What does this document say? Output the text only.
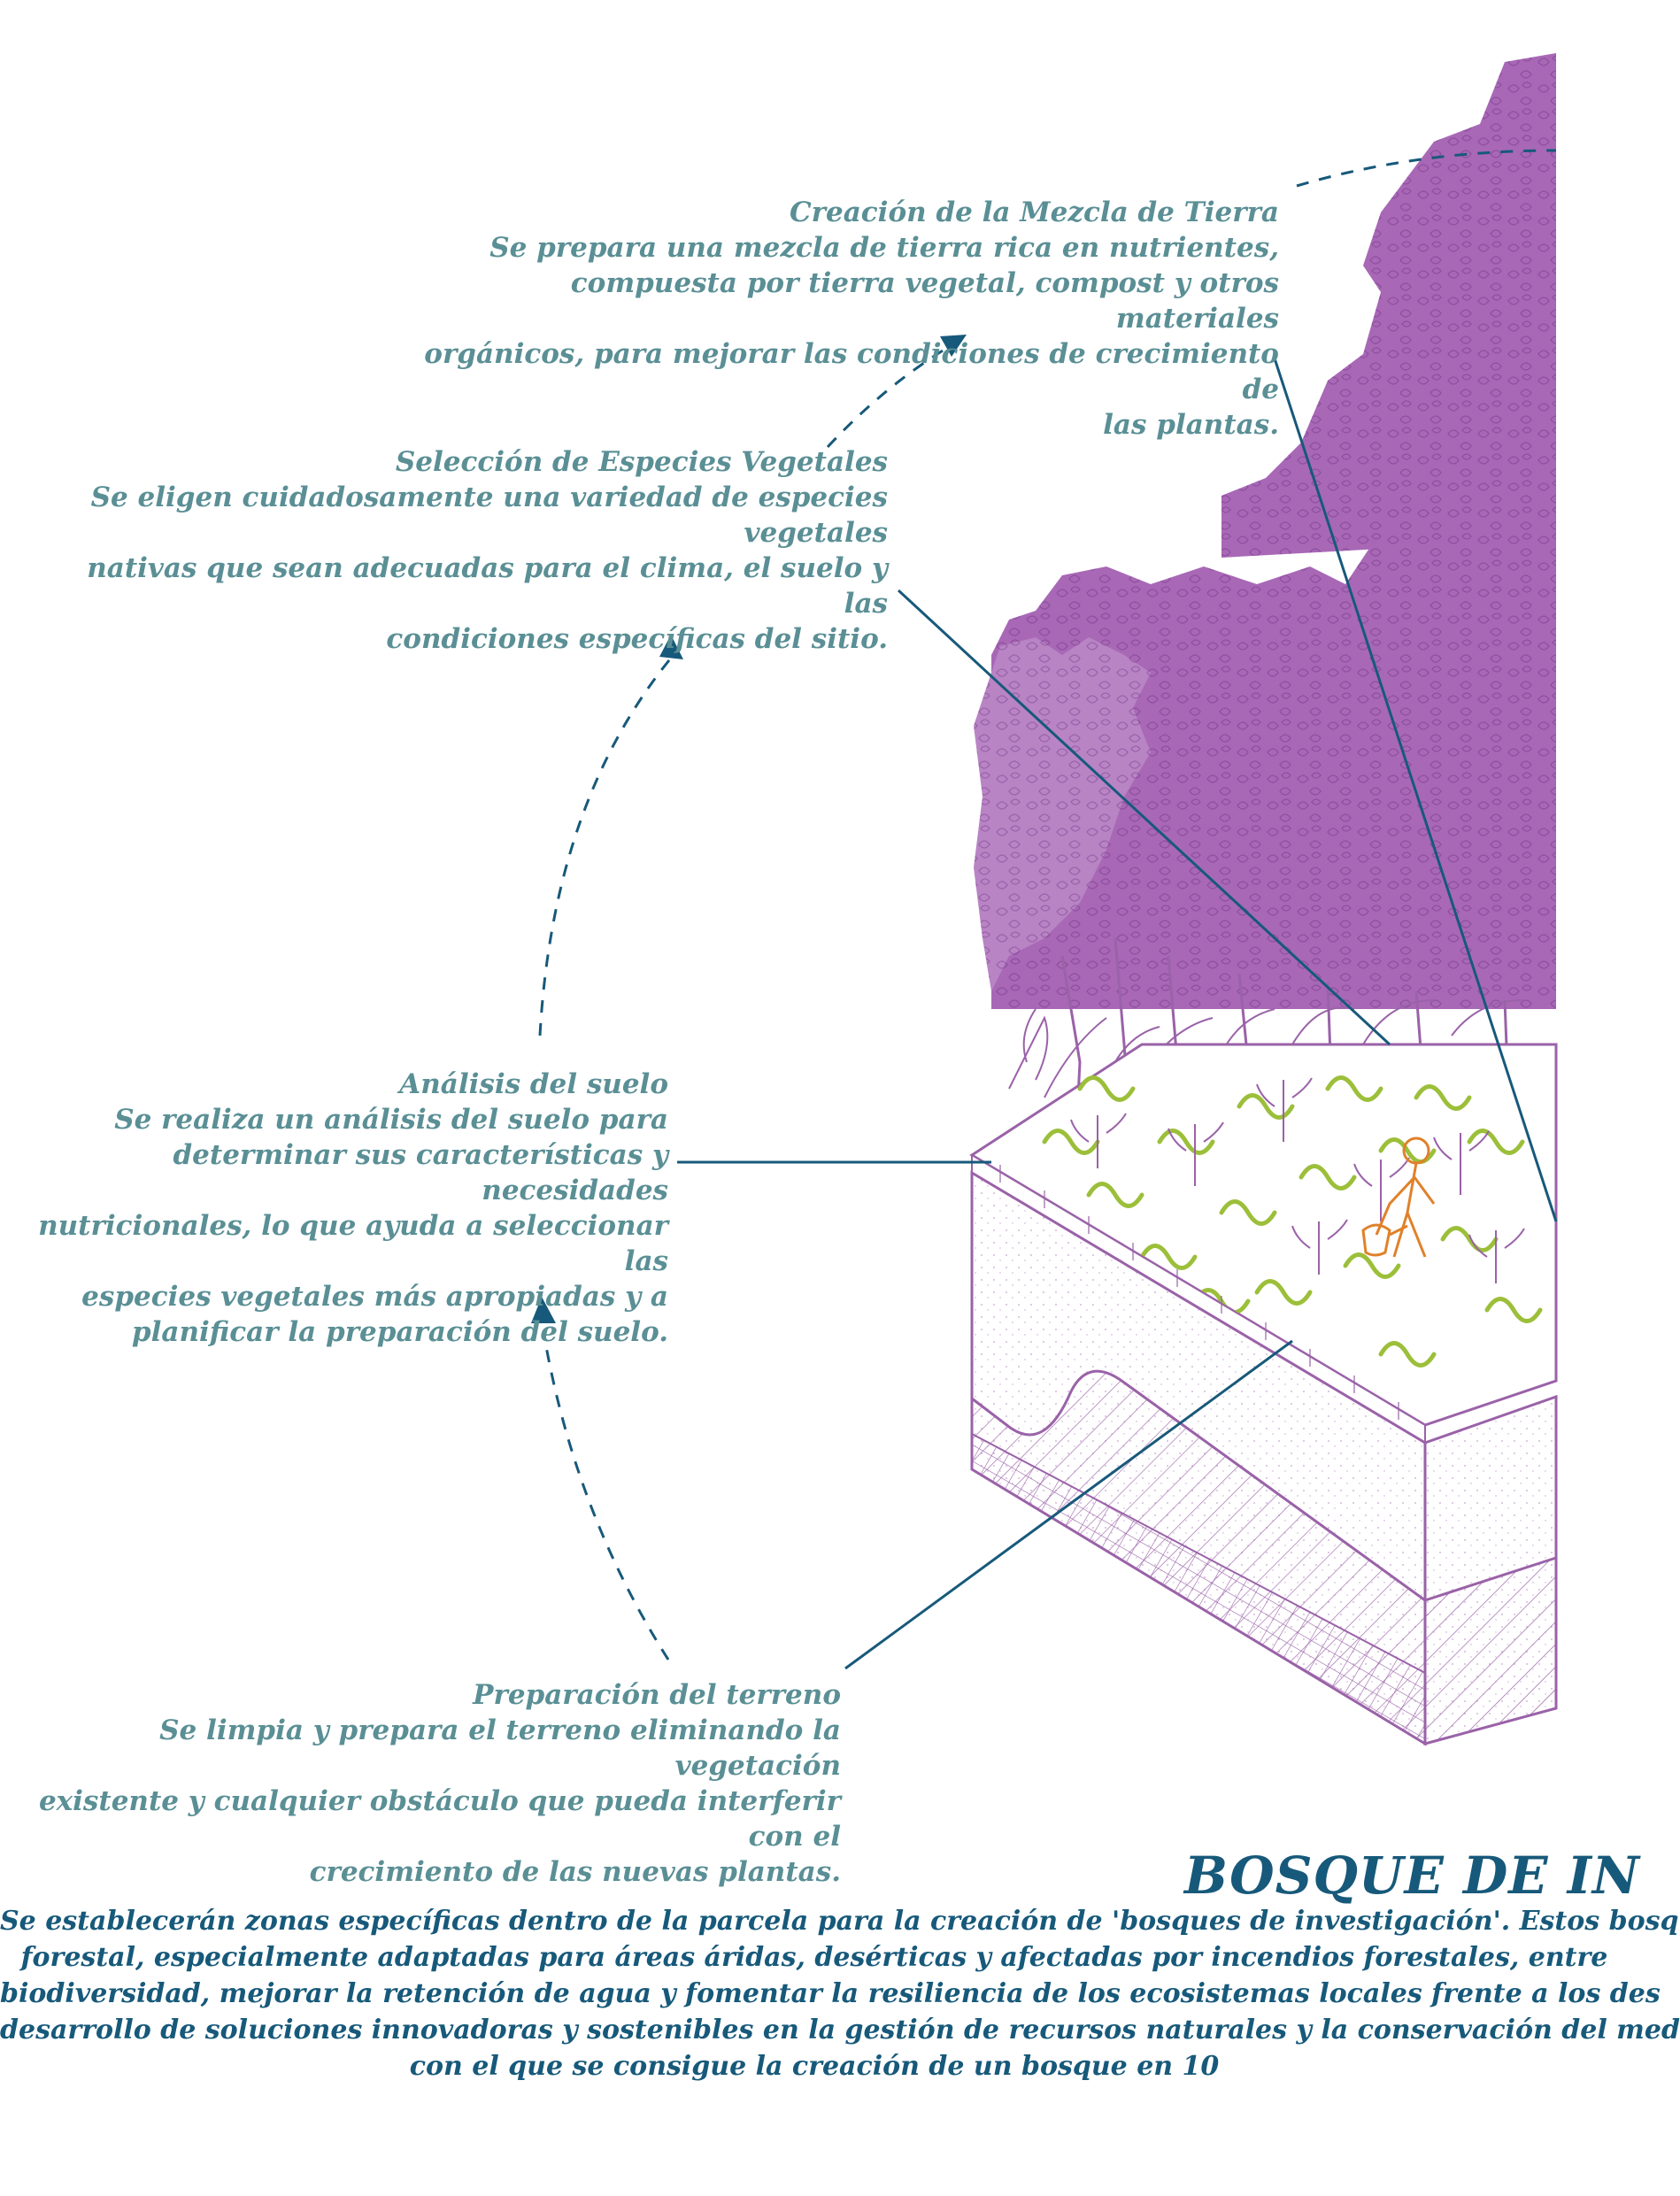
Creación de la Mezcla de Tierra
Se prepara una mezcla de tierra rica en nutrientes,
compuesta por tierra vegetal, compost y otros materiales
orgánicos, para mejorar las condiciones de crecimiento de
las plantas.
Selección de Especies Vegetales
Se eligen cuidadosamente una variedad de especies vegetales
nativas que sean adecuadas para el clima, el suelo y las
condiciones específicas del sitio.
Análisis del suelo
Se realiza un análisis del suelo para
determinar sus características y necesidades
nutricionales, lo que ayuda a seleccionar las
especies vegetales más apropiadas y a
planificar la preparación del suelo.
Preparación del terreno
Se limpia y prepara el terreno eliminando la vegetación
existente y cualquier obstáculo que pueda interferir con el
crecimiento de las nuevas plantas.	BOSQUE DE IN
Se establecerán zonas específicas dentro de la parcela para la creación de 'bosques de investigación'. Estos bosq
forestal, especialmente adaptadas para áreas áridas, desérticas y afectadas por incendios forestales, entre
biodiversidad, mejorar la retención de agua y fomentar la resiliencia de los ecosistemas locales frente a los des
desarrollo de soluciones innovadoras y sostenibles en la gestión de recursos naturales y la conservación del med
con el que se consigue la creación de un bosque en 10
